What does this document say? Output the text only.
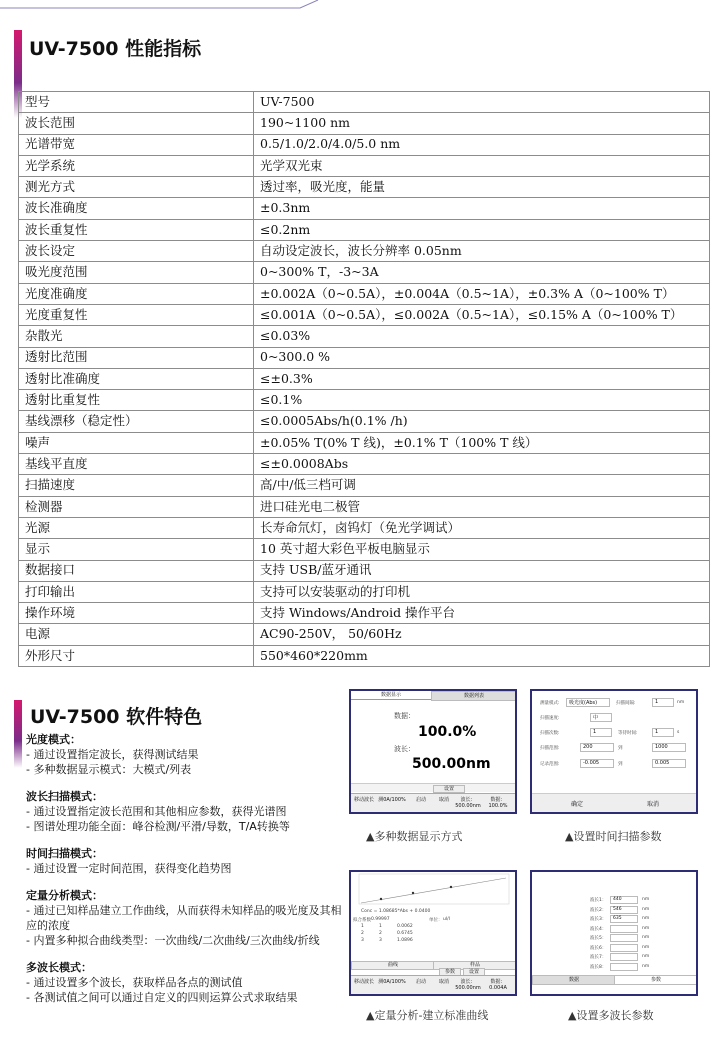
UV-7500 性能指标
型号	UV-7500
波长范围	190~1100 nm
光谱带宽	0.5/1.0/2.0/4.0/5.0 nm
光学系统	光学双光束
测光方式	透过率，吸光度，能量
波长准确度	±0.3nm
波长重复性	≤0.2nm
波长设定	自动设定波长，波长分辨率 0.05nm
吸光度范围	0~300% T，-3~3A
光度准确度	±0.002A（0~0.5A），±0.004A（0.5~1A），±0.3% A（0~100% T）
光度重复性	≤0.001A（0~0.5A），≤0.002A（0.5~1A），≤0.15% A（0~100% T）
杂散光	≤0.03%
透射比范围	0~300.0 %
透射比准确度	≤±0.3%
透射比重复性	≤0.1%
基线漂移（稳定性）	≤0.0005Abs/h(0.1% /h)
噪声	±0.05% T(0% T 线)，±0.1% T（100% T 线）
基线平直度	≤±0.0008Abs
扫描速度	高/中/低三档可调
检测器	进口硅光电二极管
光源	长寿命氘灯，卤钨灯（免光学调试）
显示	10 英寸超大彩色平板电脑显示
数据接口	支持 USB/蓝牙通讯
打印输出	支持可以安装驱动的打印机
操作环境	支持 Windows/Android 操作平台
电源	AC90-250V， 50/60Hz
外形尺寸	550*460*220mm
UV-7500 软件特色
光度模式：
- 通过设置指定波长，获得测试结果
- 多种数据显示模式：大模式/列表
波长扫描模式：
- 通过设置指定波长范围和其他相应参数，获得光谱图
- 图谱处理功能全面：峰谷检测/平滑/导数，T/A转换等
时间扫描模式：
- 通过设置一定时间范围，获得变化趋势图
定量分析模式：
- 通过已知样品建立工作曲线，从而获得未知样品的吸光度及其相应的浓度
- 内置多种拟合曲线类型：一次曲线/二次曲线/三次曲线/折线
多波长模式：
- 通过设置多个波长，获取样品各点的测试值
- 各测试值之间可以通过自定义的四则运算公式求取结果
数据显示	数据列表
数据：
100.0%
波长：
500.00nm
设置
移动波长 测0A/100%	启动	取消	波长：
500.00nm
数据：
100.0%
▲多种数据显示方式
测量模式:	吸光度(Abs)	扫描间隔:	1	nm
扫描速度:	中
扫描次数:	1	等待时间:	1	s
扫描范围:	200	到	1000
记录范围:	-0.005	到	0.005
确定	取消
▲设置时间扫描参数
Conc = 1.08685*Abs + 0.0400
拟合系数 0.99997	单位： ul/l
1	1	0.0062
2	2	0.6745
3	3	1.0896
曲线	样品
参数	设置
移动波长 测0A/100%	启动	取消	波长：
500.00nm
数据：
0.004A
▲定量分析-建立标准曲线
波长1：	440	nm
波长2：	546	nm
波长3：	635	nm
波长4：	nm
波长5：	nm
波长6：	nm
波长7：	nm
波长8：	nm
数据	参数
▲设置多波长参数
